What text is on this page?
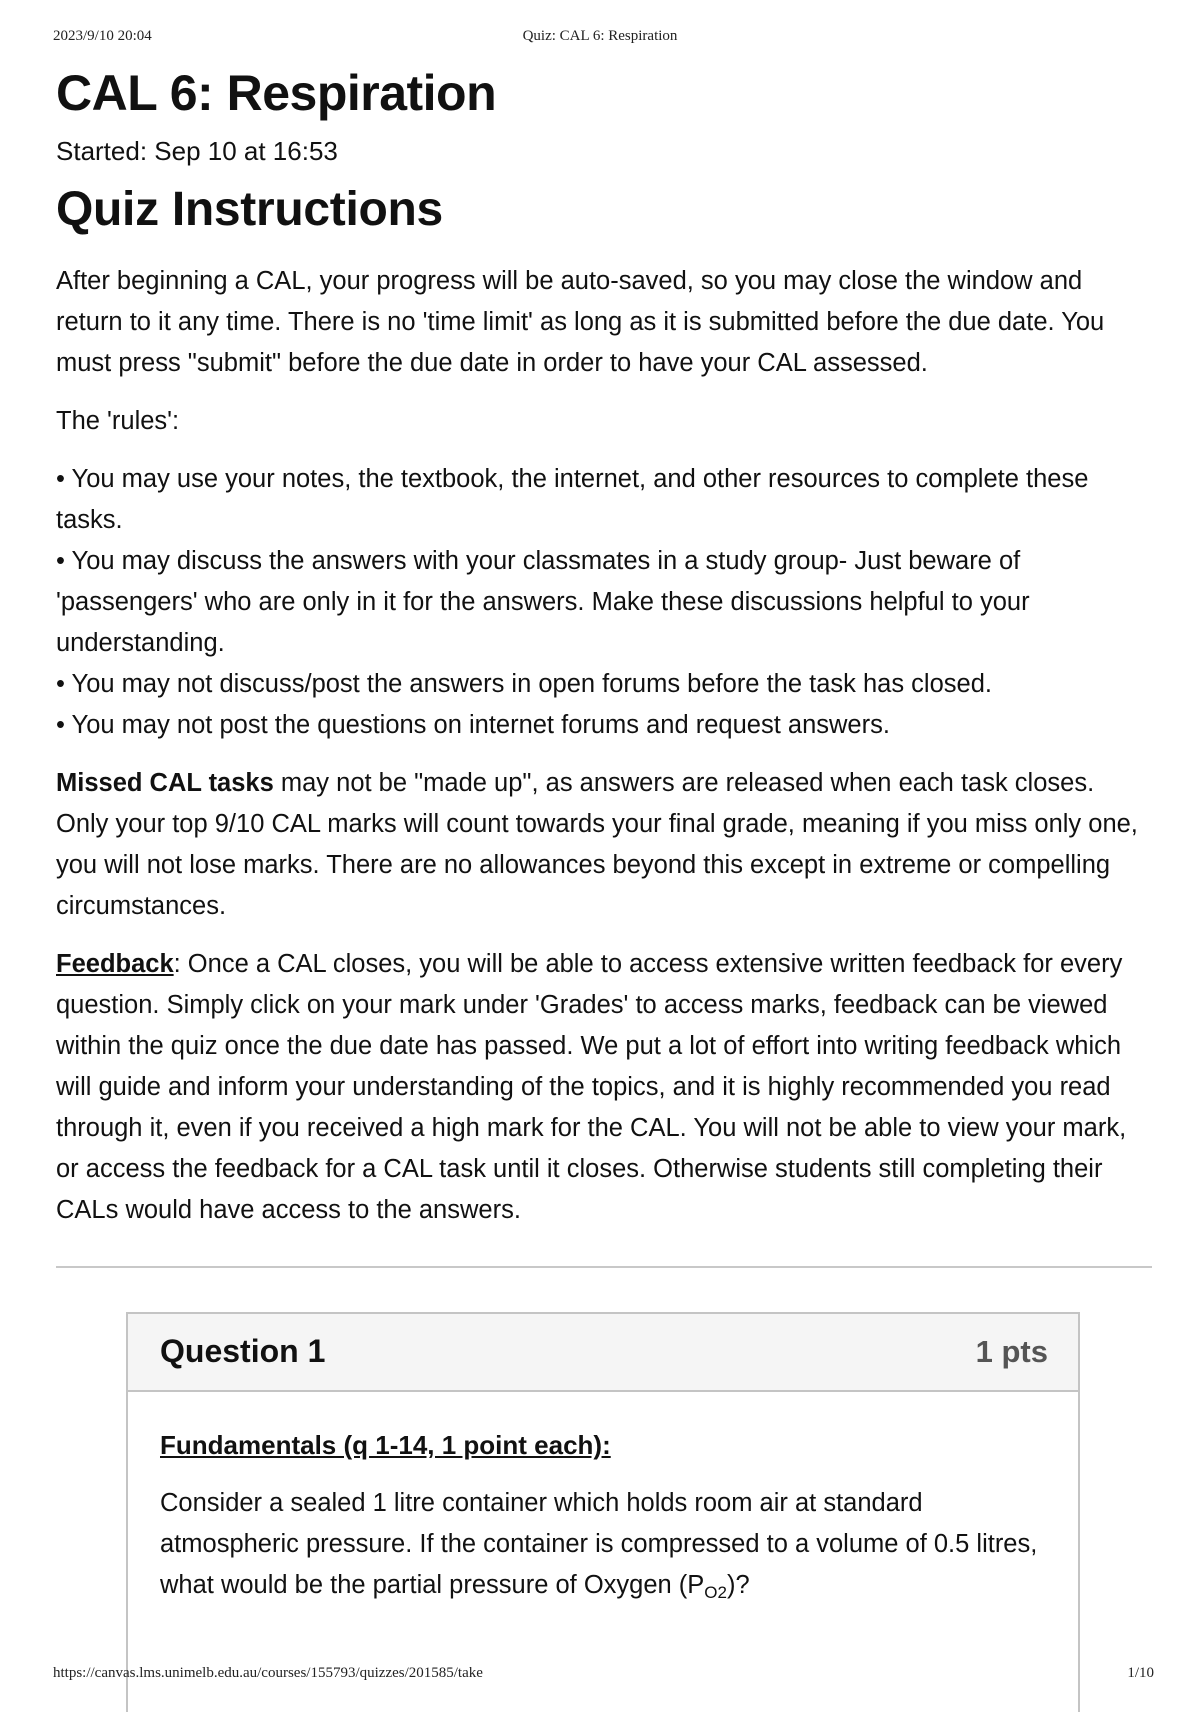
2023/9/10 20:04	Quiz: CAL 6: Respiration
CAL 6: Respiration

Started: Sep 10 at 16:53

Quiz Instructions

After beginning a CAL, your progress will be auto-saved, so you may close the window and return to it any time. There is no 'time limit' as long as it is submitted before the due date. You must press "submit" before the due date in order to have your CAL assessed.

The 'rules':

• You may use your notes, the textbook, the internet, and other resources to complete these tasks.
• You may discuss the answers with your classmates in a study group- Just beware of 'passengers' who are only in it for the answers. Make these discussions helpful to your understanding.
• You may not discuss/post the answers in open forums before the task has closed.
• You may not post the questions on internet forums and request answers.

Missed CAL tasks may not be "made up", as answers are released when each task closes. Only your top 9/10 CAL marks will count towards your final grade, meaning if you miss only one, you will not lose marks. There are no allowances beyond this except in extreme or compelling circumstances.

Feedback: Once a CAL closes, you will be able to access extensive written feedback for every question. Simply click on your mark under 'Grades' to access marks, feedback can be viewed within the quiz once the due date has passed. We put a lot of effort into writing feedback which will guide and inform your understanding of the topics, and it is highly recommended you read through it, even if you received a high mark for the CAL. You will not be able to view your mark, or access the feedback for a CAL task until it closes. Otherwise students still completing their CALs would have access to the answers.

Question 1	1 pts

Fundamentals (q 1-14, 1 point each):

Consider a sealed 1 litre container which holds room air at standard atmospheric pressure. If the container is compressed to a volume of 0.5 litres, what would be the partial pressure of Oxygen $(P_{O2})$?

https://canvas.lms.unimelb.edu.au/courses/155793/quizzes/201585/take	1/10
